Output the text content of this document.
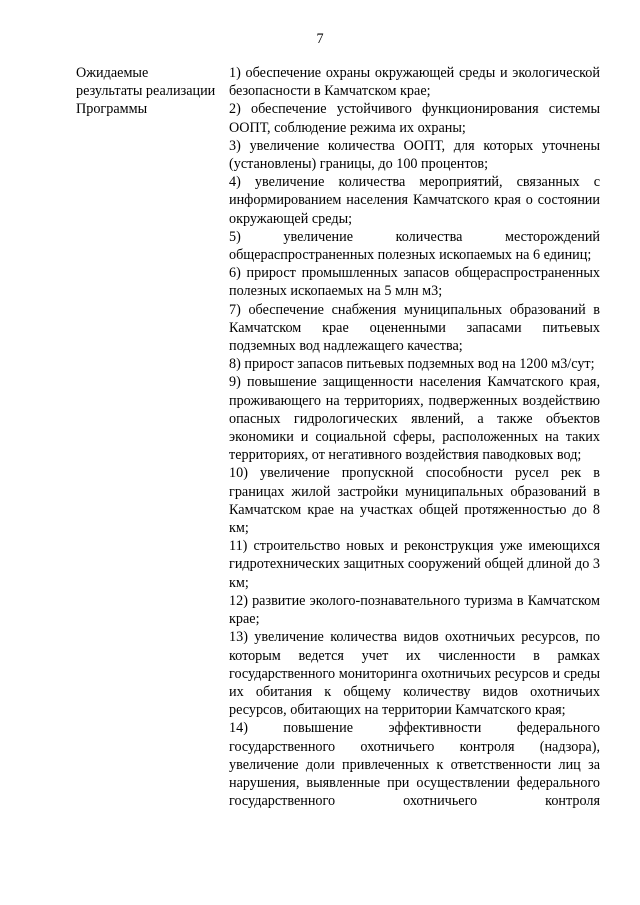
7
Ожидаемые
результаты реализации
Программы

1) обеспечение охраны окружающей среды и экологической безопасности в Камчатском крае;

2) обеспечение устойчивого функционирования системы ООПТ, соблюдение режима их охраны;

3) увеличение количества ООПТ, для которых уточнены (установлены) границы, до 100 процентов;

4) увеличение количества мероприятий, связанных с информированием населения Камчатского края о состоянии окружающей среды;

5) увеличение количества месторождений общераспространенных полезных ископаемых на 6 единиц;

6) прирост промышленных запасов общераспространенных полезных ископаемых на 5 млн м3;

7) обеспечение снабжения муниципальных образований в Камчатском крае оцененными запасами питьевых подземных вод надлежащего качества;

8) прирост запасов питьевых подземных вод на 1200 м3/сут;

9) повышение защищенности населения Камчатского края, проживающего на территориях, подверженных воздействию опасных гидрологических явлений, а также объектов экономики и социальной сферы, расположенных на таких территориях, от негативного воздействия паводковых вод;

10) увеличение пропускной способности русел рек в границах жилой застройки муниципальных образований в Камчатском крае на участках общей протяженностью до 8 км;

11) строительство новых и реконструкция уже имеющихся гидротехнических защитных сооружений общей длиной до 3 км;

12) развитие эколого-познавательного туризма в Камчатском крае;

13) увеличение количества видов охотничьих ресурсов, по которым ведется учет их численности в рамках государственного мониторинга охотничьих ресурсов и среды их обитания к общему количеству видов охотничьих ресурсов, обитающих на территории Камчатского края;

14) повышение эффективности федерального государственного охотничьего контроля (надзора), увеличение доли привлеченных к ответственности лиц за нарушения, выявленные при осуществлении федерального государственного охотничьего контроля
